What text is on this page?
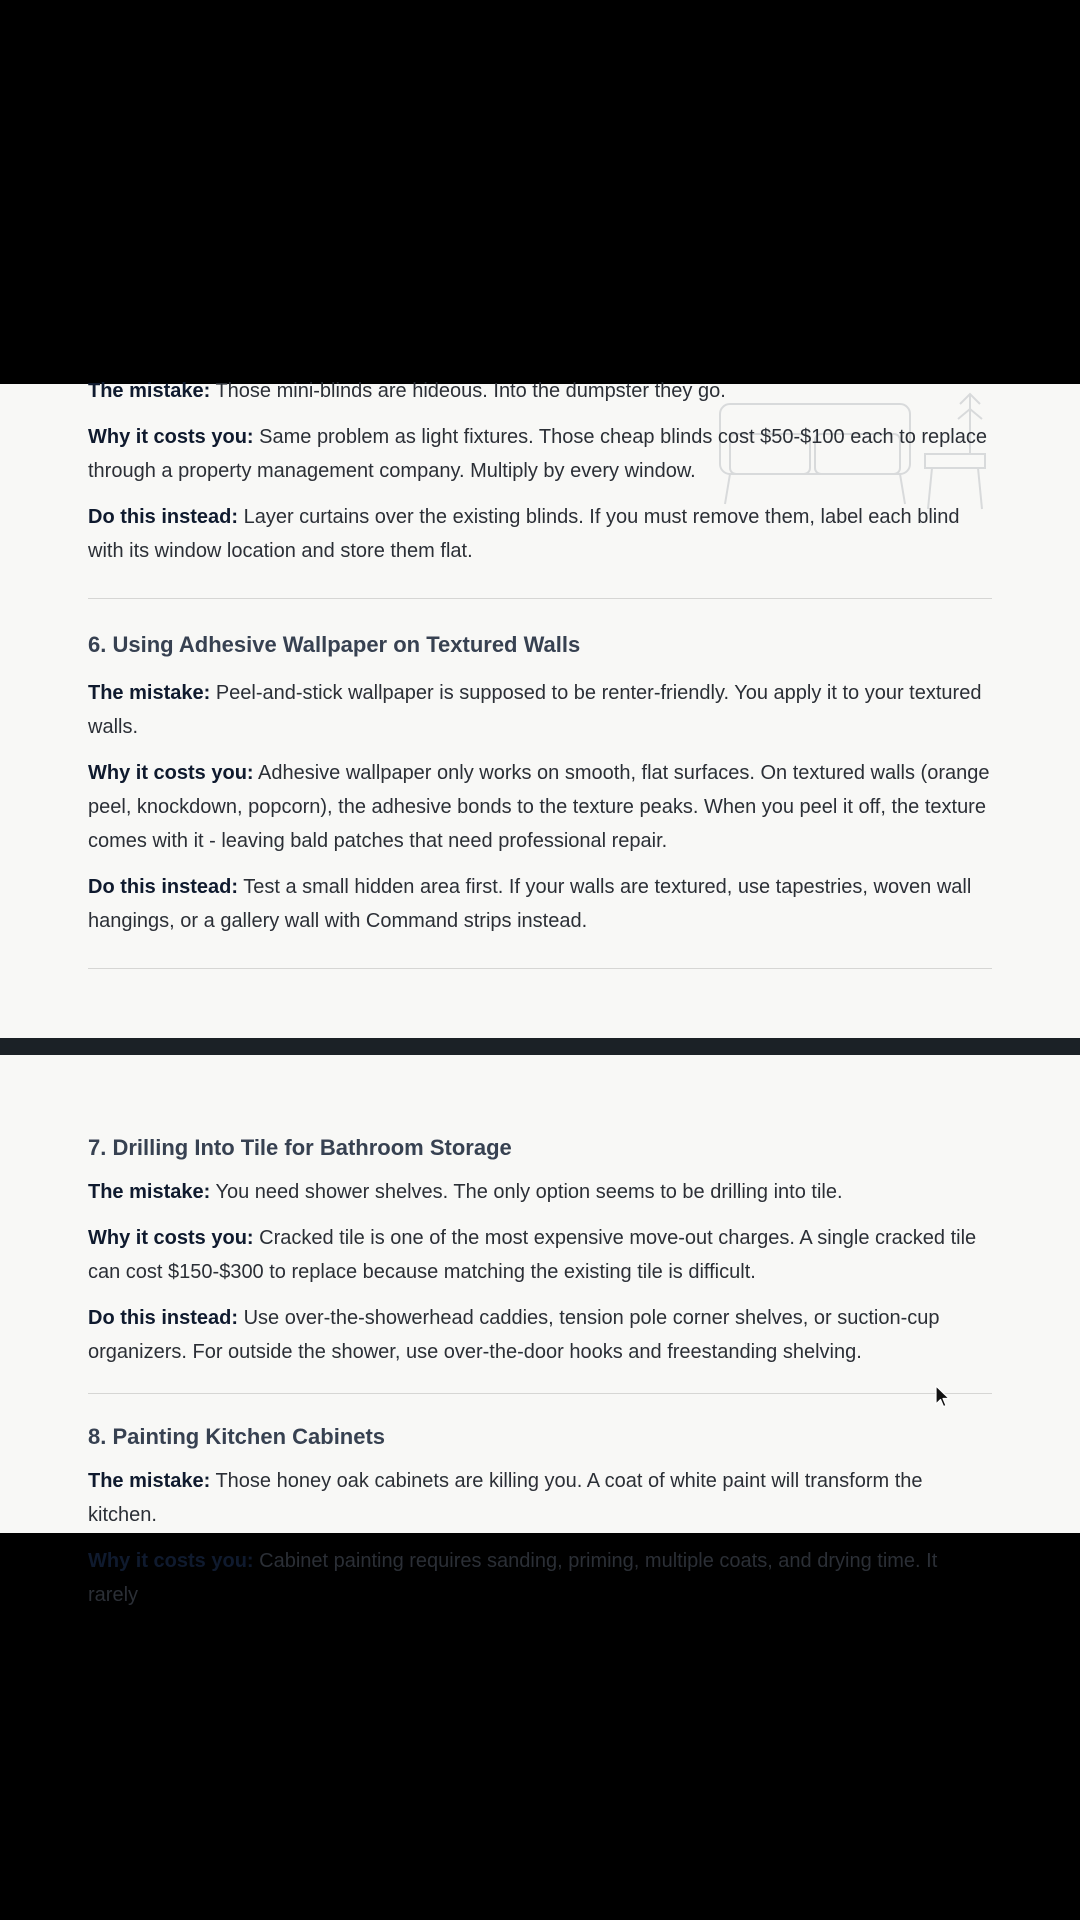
The mistake: Those mini-blinds are hideous. Into the dumpster they go.

Why it costs you: Same problem as light fixtures. Those cheap blinds cost $50-$100 each to replace through a property management company. Multiply by every window.

Do this instead: Layer curtains over the existing blinds. If you must remove them, label each blind with its window location and store them flat.

6. Using Adhesive Wallpaper on Textured Walls

The mistake: Peel-and-stick wallpaper is supposed to be renter-friendly. You apply it to your textured walls.

Why it costs you: Adhesive wallpaper only works on smooth, flat surfaces. On textured walls (orange peel, knockdown, popcorn), the adhesive bonds to the texture peaks. When you peel it off, the texture comes with it - leaving bald patches that need professional repair.

Do this instead: Test a small hidden area first. If your walls are textured, use tapestries, woven wall hangings, or a gallery wall with Command strips instead.

7. Drilling Into Tile for Bathroom Storage

The mistake: You need shower shelves. The only option seems to be drilling into tile.

Why it costs you: Cracked tile is one of the most expensive move-out charges. A single cracked tile can cost $150-$300 to replace because matching the existing tile is difficult.

Do this instead: Use over-the-showerhead caddies, tension pole corner shelves, or suction-cup organizers. For outside the shower, use over-the-door hooks and freestanding shelving.

8. Painting Kitchen Cabinets

The mistake: Those honey oak cabinets are killing you. A coat of white paint will transform the kitchen.

Why it costs you: Cabinet painting requires sanding, priming, multiple coats, and drying time. It rarely
